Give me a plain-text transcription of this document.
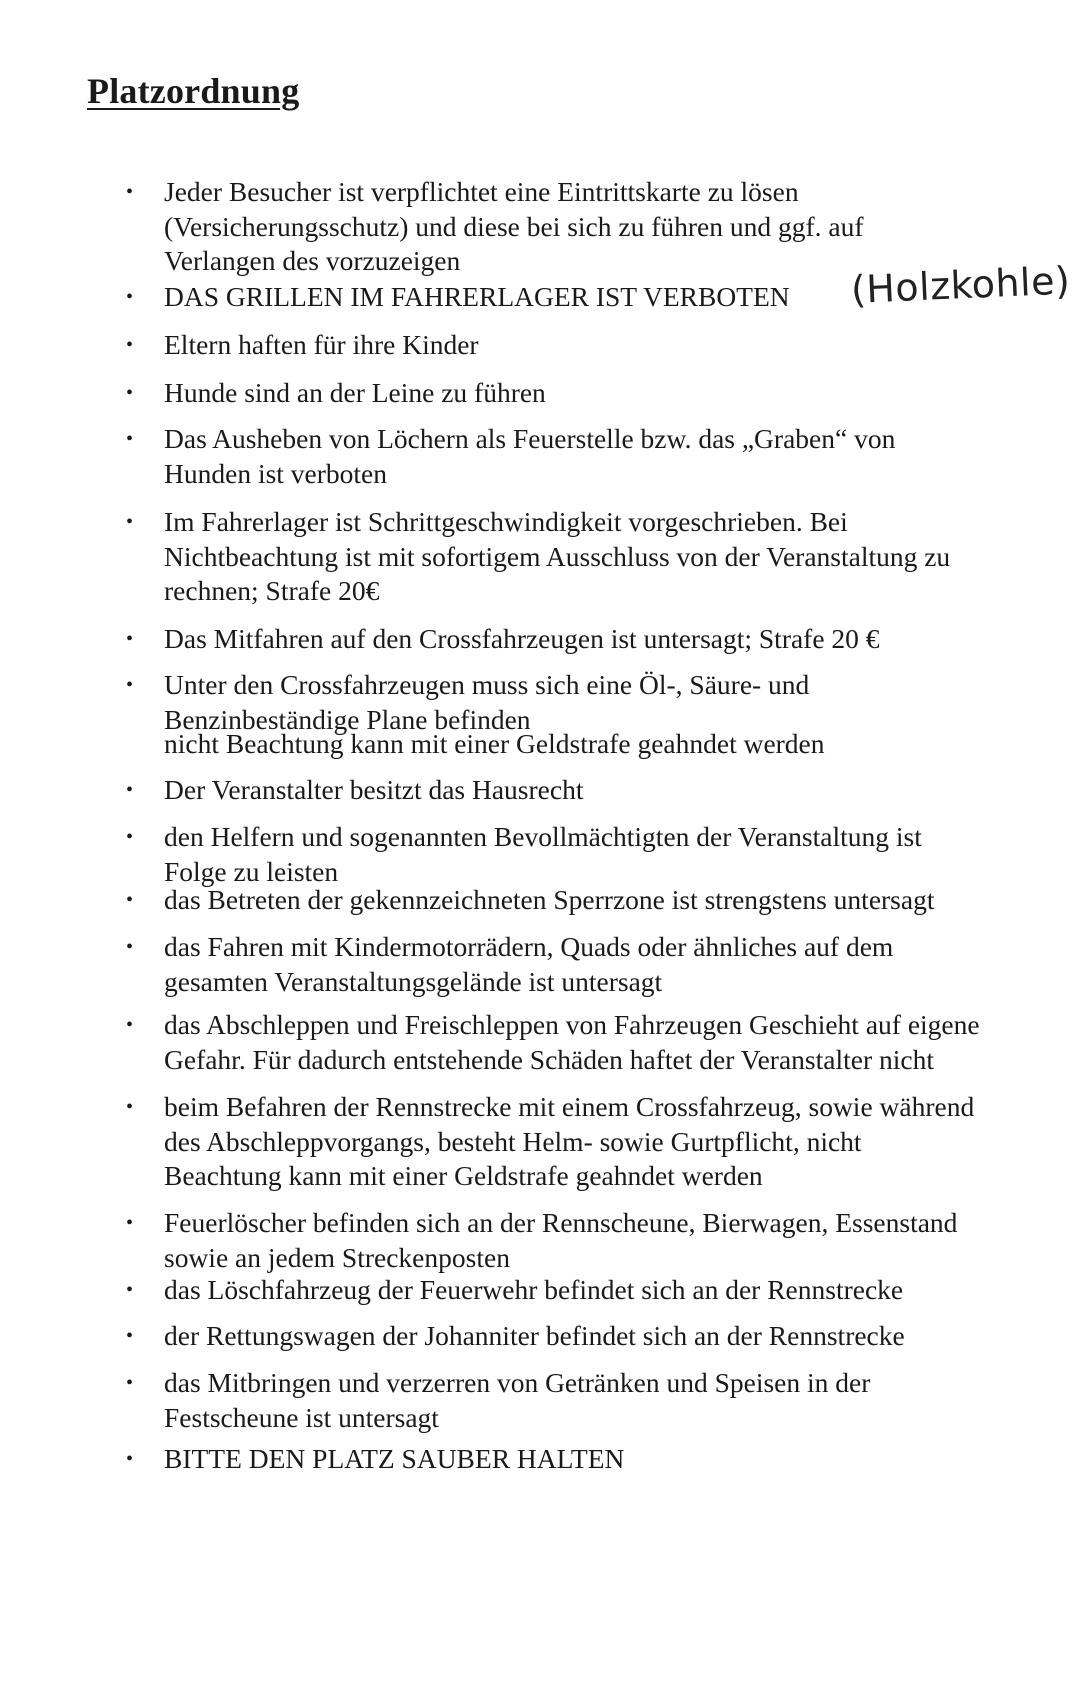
Platzordnung
• Jeder Besucher ist verpflichtet eine Eintrittskarte zu lösen
(Versicherungsschutz) und diese bei sich zu führen und ggf. auf
Verlangen des vorzuzeigen
• DAS GRILLEN IM FAHRERLAGER IST VERBOTEN
• Eltern haften für ihre Kinder
• Hunde sind an der Leine zu führen
• Das Ausheben von Löchern als Feuerstelle bzw. das „Graben“ von
Hunden ist verboten
• Im Fahrerlager ist Schrittgeschwindigkeit vorgeschrieben. Bei
Nichtbeachtung ist mit sofortigem Ausschluss von der Veranstaltung zu
rechnen; Strafe 20€
• Das Mitfahren auf den Crossfahrzeugen ist untersagt; Strafe 20 €
• Unter den Crossfahrzeugen muss sich eine Öl-, Säure- und
Benzinbeständige Plane befinden
nicht Beachtung kann mit einer Geldstrafe geahndet werden
• Der Veranstalter besitzt das Hausrecht
• den Helfern und sogenannten Bevollmächtigten der Veranstaltung ist
Folge zu leisten
• das Betreten der gekennzeichneten Sperrzone ist strengstens untersagt
• das Fahren mit Kindermotorrädern, Quads oder ähnliches auf dem
gesamten Veranstaltungsgelände ist untersagt
• das Abschleppen und Freischleppen von Fahrzeugen Geschieht auf eigene
Gefahr. Für dadurch entstehende Schäden haftet der Veranstalter nicht
• beim Befahren der Rennstrecke mit einem Crossfahrzeug, sowie während
des Abschleppvorgangs, besteht Helm- sowie Gurtpflicht, nicht
Beachtung kann mit einer Geldstrafe geahndet werden
• Feuerlöscher befinden sich an der Rennscheune, Bierwagen, Essenstand
sowie an jedem Streckenposten
• das Löschfahrzeug der Feuerwehr befindet sich an der Rennstrecke
• der Rettungswagen der Johanniter befindet sich an der Rennstrecke
• das Mitbringen und verzerren von Getränken und Speisen in der
Festscheune ist untersagt
• BITTE DEN PLATZ SAUBER HALTEN
(Holzkohle)
